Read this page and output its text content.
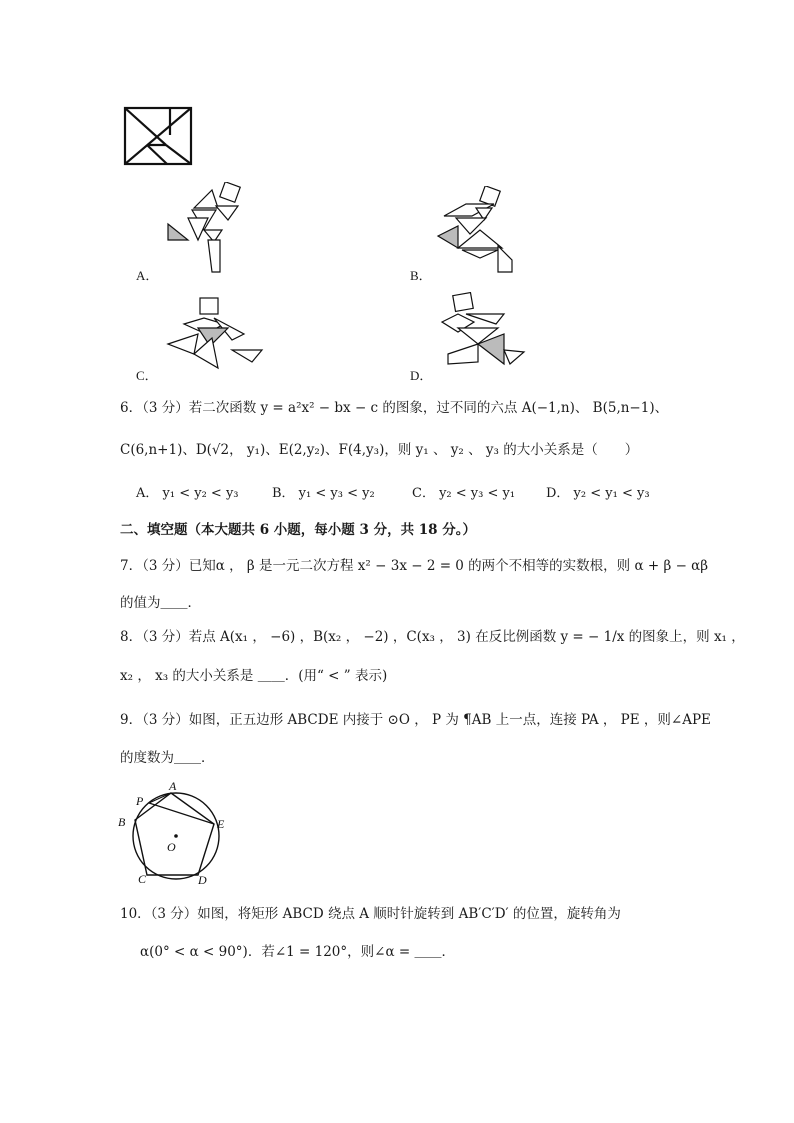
A．	B．
C．	D．
6．（3 分）若二次函数 y = a²x² − bx − c 的图象，过不同的六点 A(−1,n)、 B(5,n−1)、
C(6,n+1)、D(√2， y₁)、E(2,y₂)、F(4,y₃)，则 y₁ 、 y₂ 、 y₃ 的大小关系是（　　）
A． y₁ < y₂ < y₃	B． y₁ < y₃ < y₂	C． y₂ < y₃ < y₁ D． y₂ < y₁ < y₃
二、填空题（本大题共 6 小题，每小题 3 分，共 18 分。）
7．（3 分）已知α ， β 是一元二次方程 x² − 3x − 2 = 0 的两个不相等的实数根，则 α + β − αβ
的值为＿＿．
8．（3 分）若点 A(x₁ ， −6) ，B(x₂ ， −2) ，C(x₃ ， 3) 在反比例函数 y = − 1/x 的图象上，则 x₁ ，
x₂ ， x₃ 的大小关系是 ＿＿．(用“ < ” 表示)
9．（3 分）如图，正五边形 ABCDE 内接于 ⊙O ， P 为 ¶AB 上一点，连接 PA ， PE ，则∠APE
的度数为＿＿．
A
P
B	E
O
C	D
10．（3 分）如图，将矩形 ABCD 绕点 A 顺时针旋转到 AB′C′D′ 的位置，旋转角为
α(0° < α < 90°)．若∠1 = 120°，则∠α = ＿＿．
